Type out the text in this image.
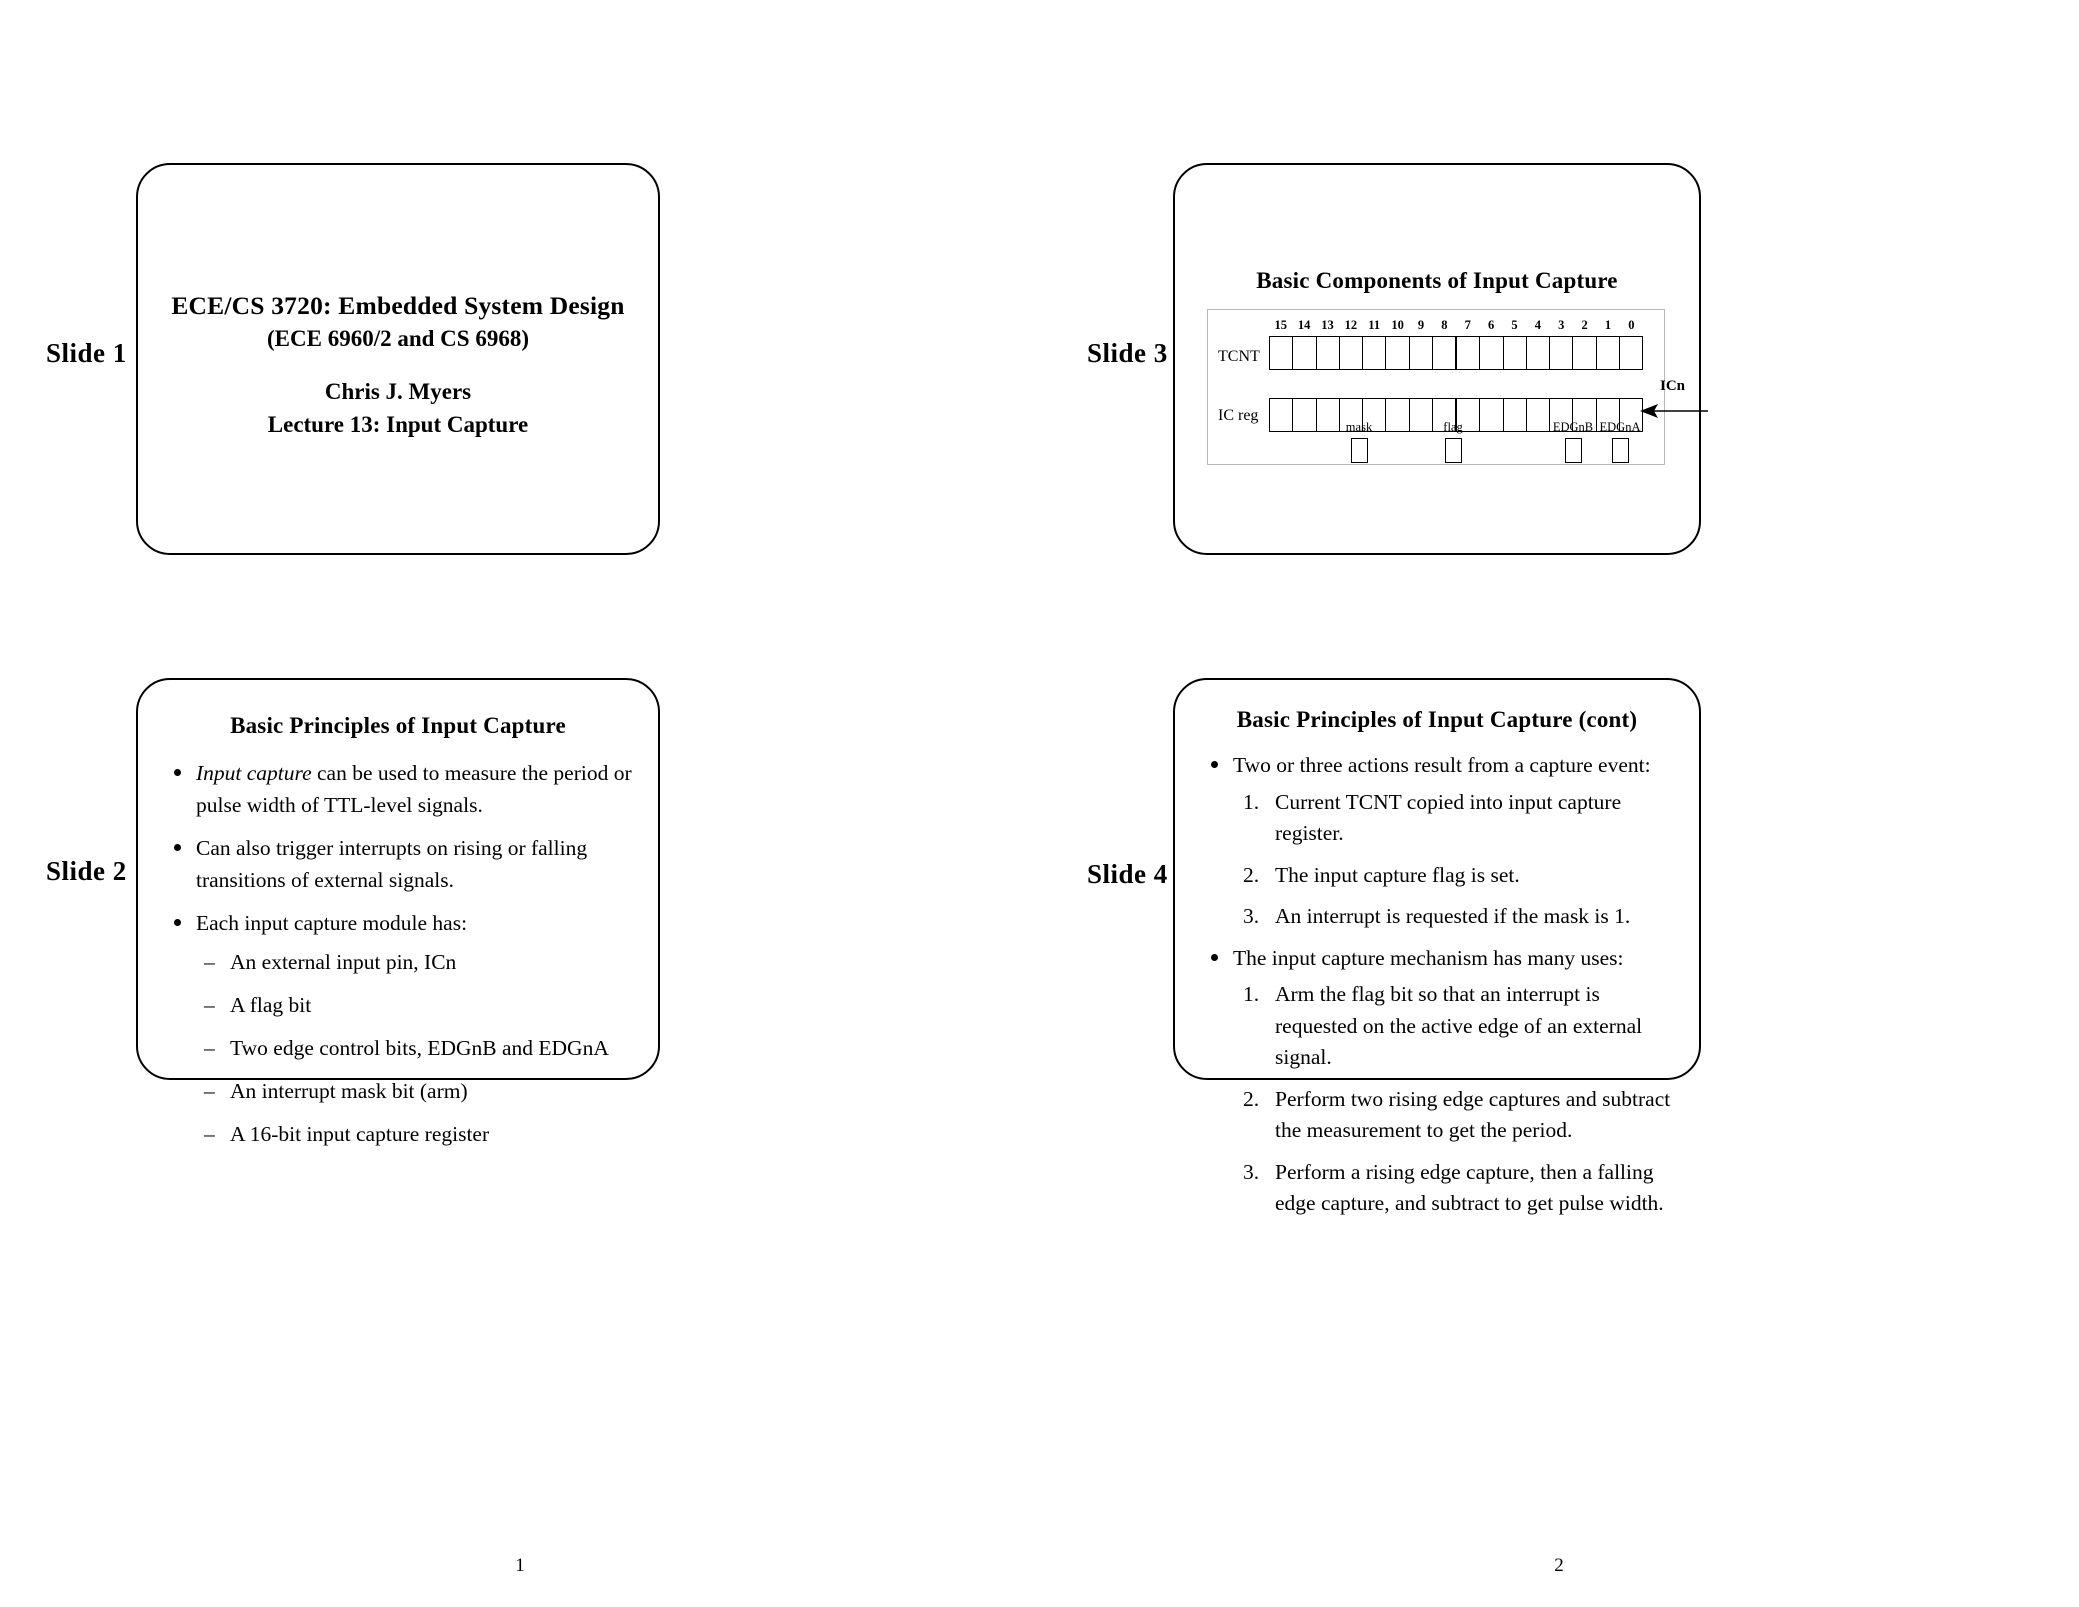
Slide 1
ECE/CS 3720: Embedded System Design
(ECE 6960/2 and CS 6968)
Chris J. Myers
Lecture 13: Input Capture
Slide 2
Basic Principles of Input Capture
Input capture can be used to measure the period or pulse width of TTL-level signals.
Can also trigger interrupts on rising or falling transitions of external signals.
Each input capture module has:
– An external input pin, ICn
– A flag bit
– Two edge control bits, EDGnB and EDGnA
– An interrupt mask bit (arm)
– A 16-bit input capture register
1
Slide 3
Basic Components of Input Capture
TCNT
IC reg
15 14 13 12 11 10 9 8 7 6 5 4 3 2 1 0
ICn
mask	flag	EDGnB EDGnA
Slide 4
Basic Principles of Input Capture (cont)
Two or three actions result from a capture event:
1. Current TCNT copied into input capture register.
2. The input capture flag is set.
3. An interrupt is requested if the mask is 1.
The input capture mechanism has many uses:
1. Arm the flag bit so that an interrupt is requested on the active edge of an external signal.
2. Perform two rising edge captures and subtract the measurement to get the period.
3. Perform a rising edge capture, then a falling edge capture, and subtract to get pulse width.
2
